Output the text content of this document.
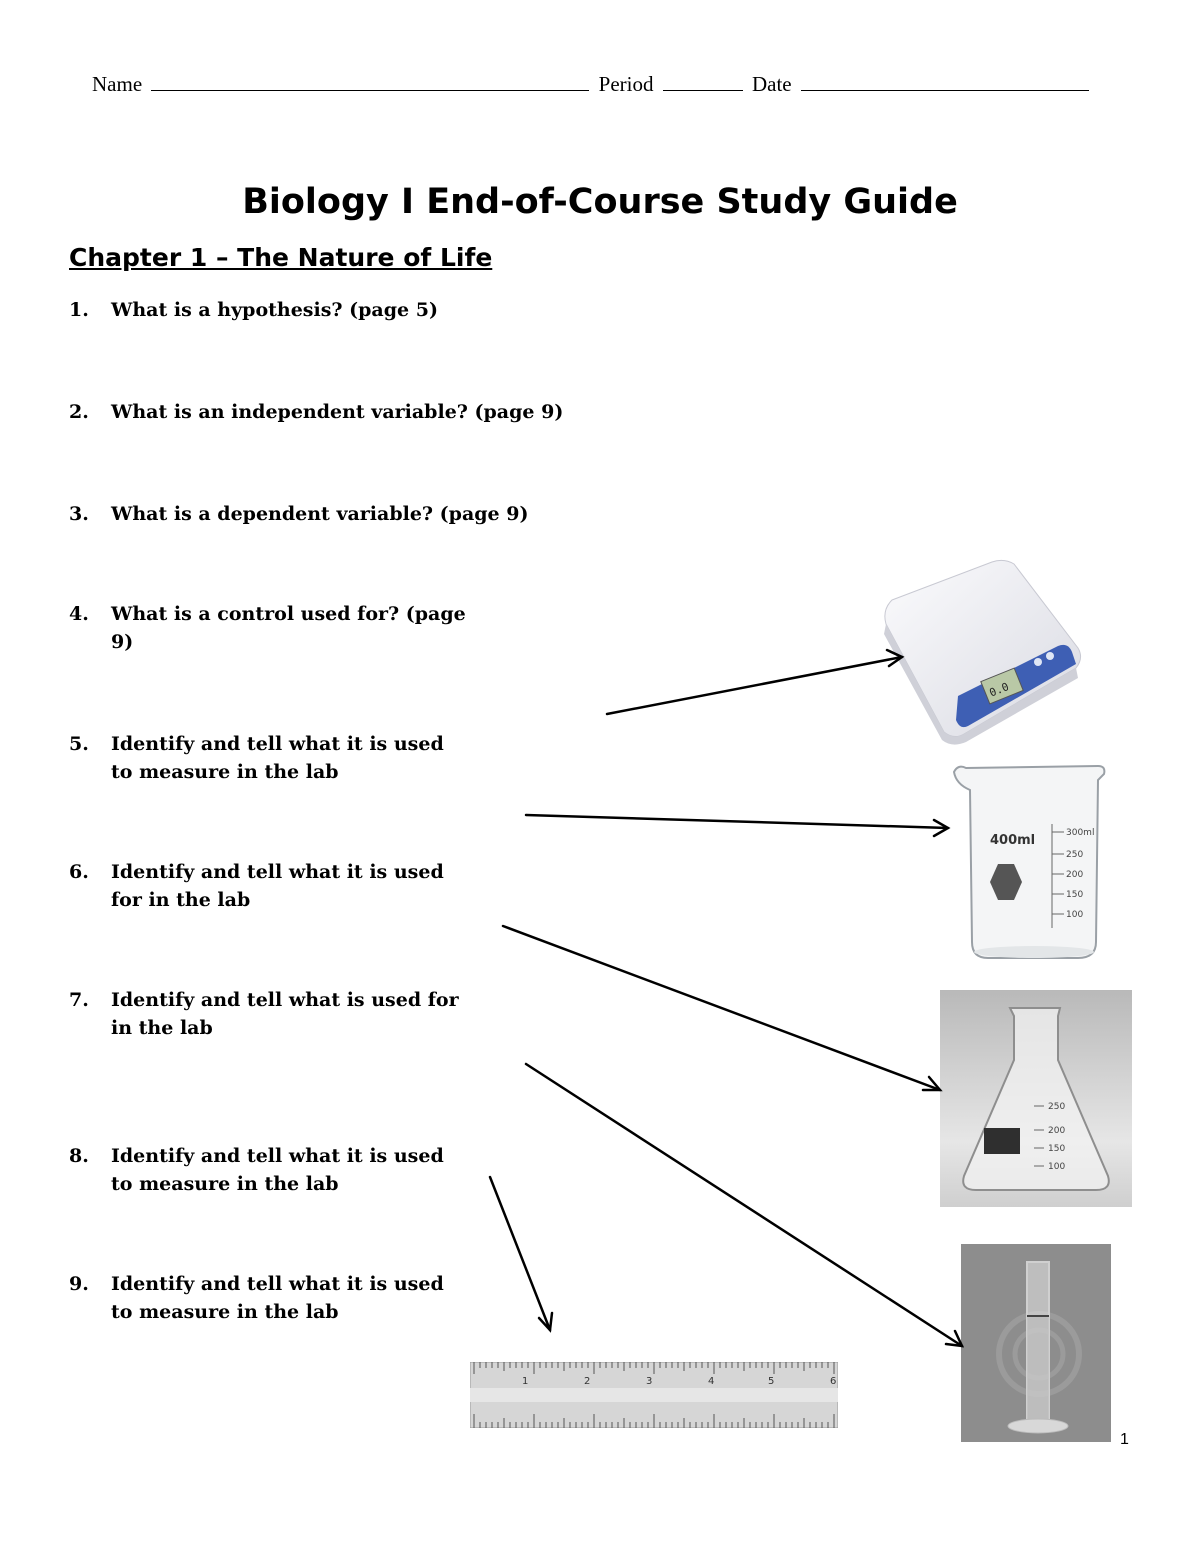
Name	Period	Date
Biology I End-of-Course Study Guide
Chapter 1 – The Nature of Life
1.	What is a hypothesis? (page 5)
2.	What is an independent variable? (page 9)
3.	What is a dependent variable? (page 9)
4.	What is a control used for? (page 9)
5.	Identify and tell what it is used to measure in the lab
6.	Identify and tell what it is used for in the lab
7.	Identify and tell what is used for in the lab
8.	Identify and tell what it is used to measure in the lab
9.	Identify and tell what it is used to measure in the lab
0.0
400ml	300ml
250
200
150
100
250
200
150
100
1	2	3	4	5	6
1
